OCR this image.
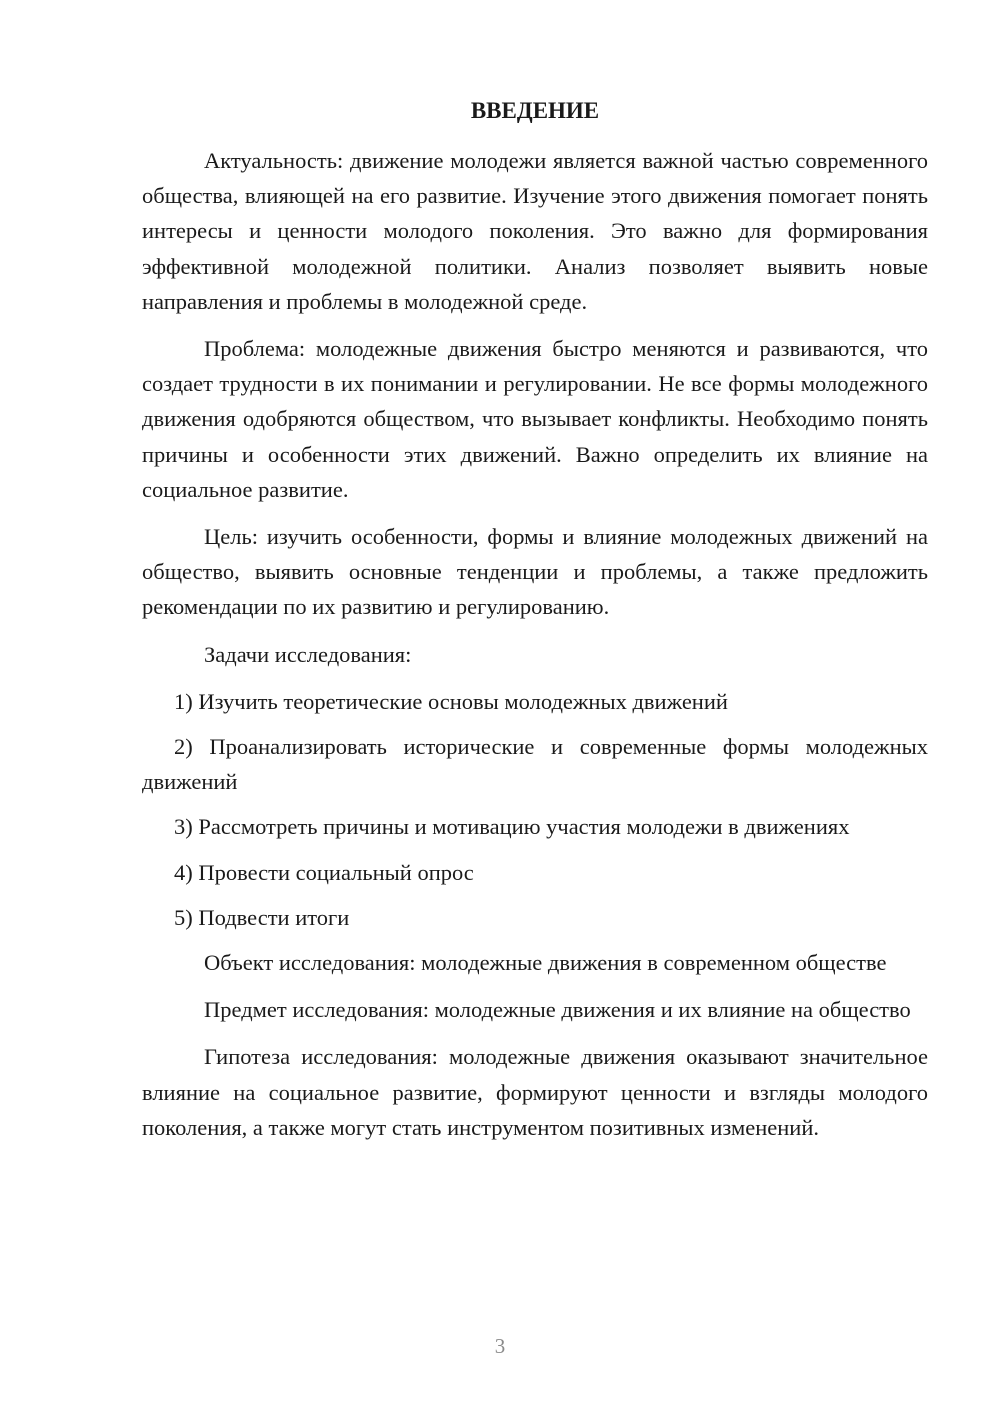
ВВЕДЕНИЕ

Актуальность: движение молодежи является важной частью современного общества, влияющей на его развитие. Изучение этого движения помогает понять интересы и ценности молодого поколения. Это важно для формирования эффективной молодежной политики. Анализ позволяет выявить новые направления и проблемы в молодежной среде.

Проблема: молодежные движения быстро меняются и развиваются, что создает трудности в их понимании и регулировании. Не все формы молодежного движения одобряются обществом, что вызывает конфликты. Необходимо понять причины и особенности этих движений. Важно определить их влияние на социальное развитие.

Цель: изучить особенности, формы и влияние молодежных движений на общество, выявить основные тенденции и проблемы, а также предложить рекомендации по их развитию и регулированию.

Задачи исследования:

1) Изучить теоретические основы молодежных движений

2) Проанализировать исторические и современные формы молодежных движений

3) Рассмотреть причины и мотивацию участия молодежи в движениях

4) Провести социальный опрос

5) Подвести итоги

Объект исследования: молодежные движения в современном обществе

Предмет исследования: молодежные движения и их влияние на общество

Гипотеза исследования: молодежные движения оказывают значительное влияние на социальное развитие, формируют ценности и взгляды молодого поколения, а также могут стать инструментом позитивных изменений.

3
